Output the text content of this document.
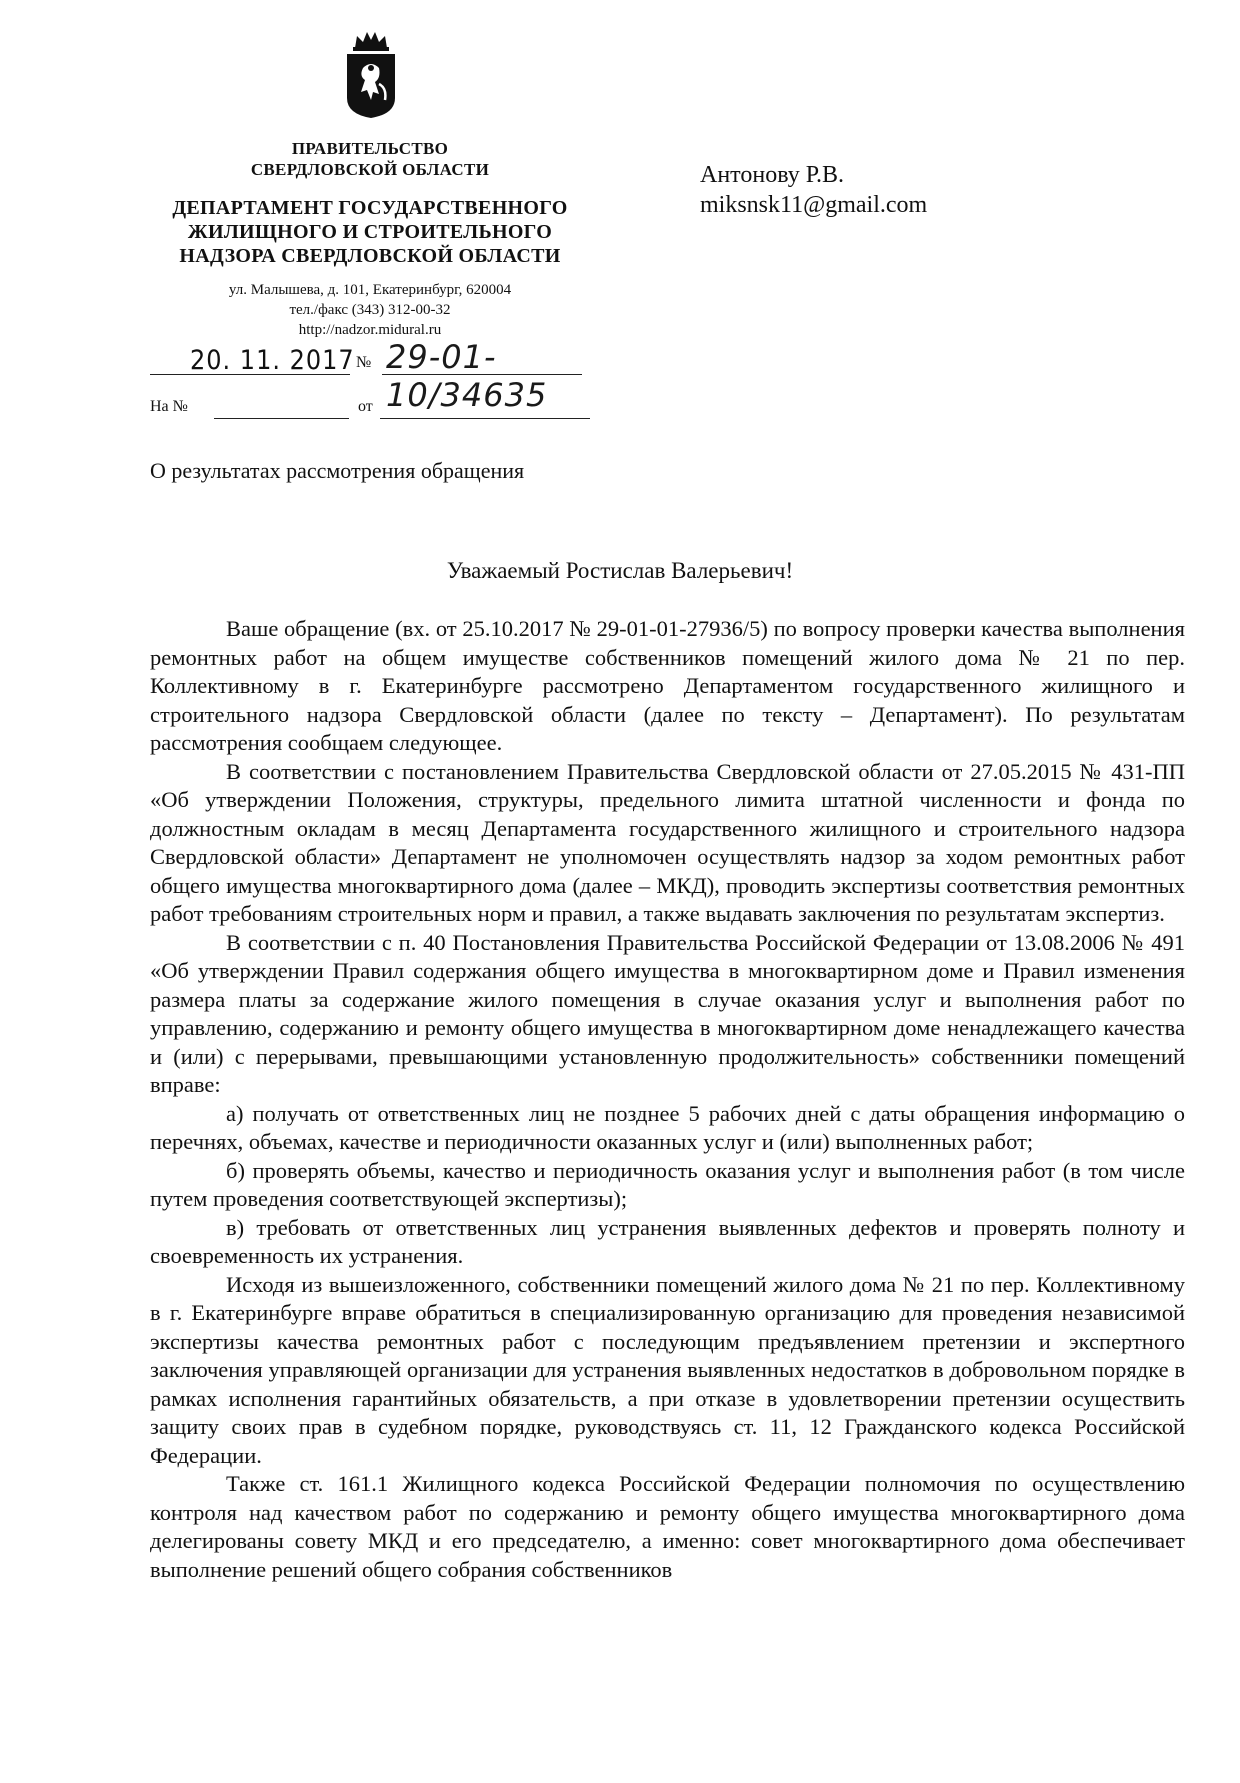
ПРАВИТЕЛЬСТВО
СВЕРДЛОВСКОЙ ОБЛАСТИ
ДЕПАРТАМЕНТ ГОСУДАРСТВЕННОГО
ЖИЛИЩНОГО И СТРОИТЕЛЬНОГО
НАДЗОРА СВЕРДЛОВСКОЙ ОБЛАСТИ
ул. Малышева, д. 101, Екатеринбург, 620004
тел./факс (343) 312-00-32
http://nadzor.midural.ru
Антонову Р.В.
miksnsk11@gmail.com
20. 11. 2017 № 29-01-10/34635
На №	от
О результатах рассмотрения обращения
Уважаемый Ростислав Валерьевич!

Ваше обращение (вх. от 25.10.2017 № 29-01-01-27936/5) по вопросу проверки качества выполнения ремонтных работ на общем имуществе собственников помещений жилого дома № 21 по пер. Коллективному в г. Екатеринбурге рассмотрено Департаментом государственного жилищного и строительного надзора Свердловской области (далее по тексту – Департамент). По результатам рассмотрения сообщаем следующее.

В соответствии с постановлением Правительства Свердловской области от 27.05.2015 № 431-ПП «Об утверждении Положения, структуры, предельного лимита штатной численности и фонда по должностным окладам в месяц Департамента государственного жилищного и строительного надзора Свердловской области» Департамент не уполномочен осуществлять надзор за ходом ремонтных работ общего имущества многоквартирного дома (далее – МКД), проводить экспертизы соответствия ремонтных работ требованиям строительных норм и правил, а также выдавать заключения по результатам экспертиз.

В соответствии с п. 40 Постановления Правительства Российской Федерации от 13.08.2006 № 491 «Об утверждении Правил содержания общего имущества в многоквартирном доме и Правил изменения размера платы за содержание жилого помещения в случае оказания услуг и выполнения работ по управлению, содержанию и ремонту общего имущества в многоквартирном доме ненадлежащего качества и (или) с перерывами, превышающими установленную продолжительность» собственники помещений вправе:

а) получать от ответственных лиц не позднее 5 рабочих дней с даты обращения информацию о перечнях, объемах, качестве и периодичности оказанных услуг и (или) выполненных работ;

б) проверять объемы, качество и периодичность оказания услуг и выполнения работ (в том числе путем проведения соответствующей экспертизы);

в) требовать от ответственных лиц устранения выявленных дефектов и проверять полноту и своевременность их устранения.

Исходя из вышеизложенного, собственники помещений жилого дома № 21 по пер. Коллективному в г. Екатеринбурге вправе обратиться в специализированную организацию для проведения независимой экспертизы качества ремонтных работ с последующим предъявлением претензии и экспертного заключения управляющей организации для устранения выявленных недостатков в добровольном порядке в рамках исполнения гарантийных обязательств, а при отказе в удовлетворении претензии осуществить защиту своих прав в судебном порядке, руководствуясь ст. 11, 12 Гражданского кодекса Российской Федерации.

Также ст. 161.1 Жилищного кодекса Российской Федерации полномочия по осуществлению контроля над качеством работ по содержанию и ремонту общего имущества многоквартирного дома делегированы совету МКД и его председателю, а именно: совет многоквартирного дома обеспечивает выполнение решений общего собрания собственников
